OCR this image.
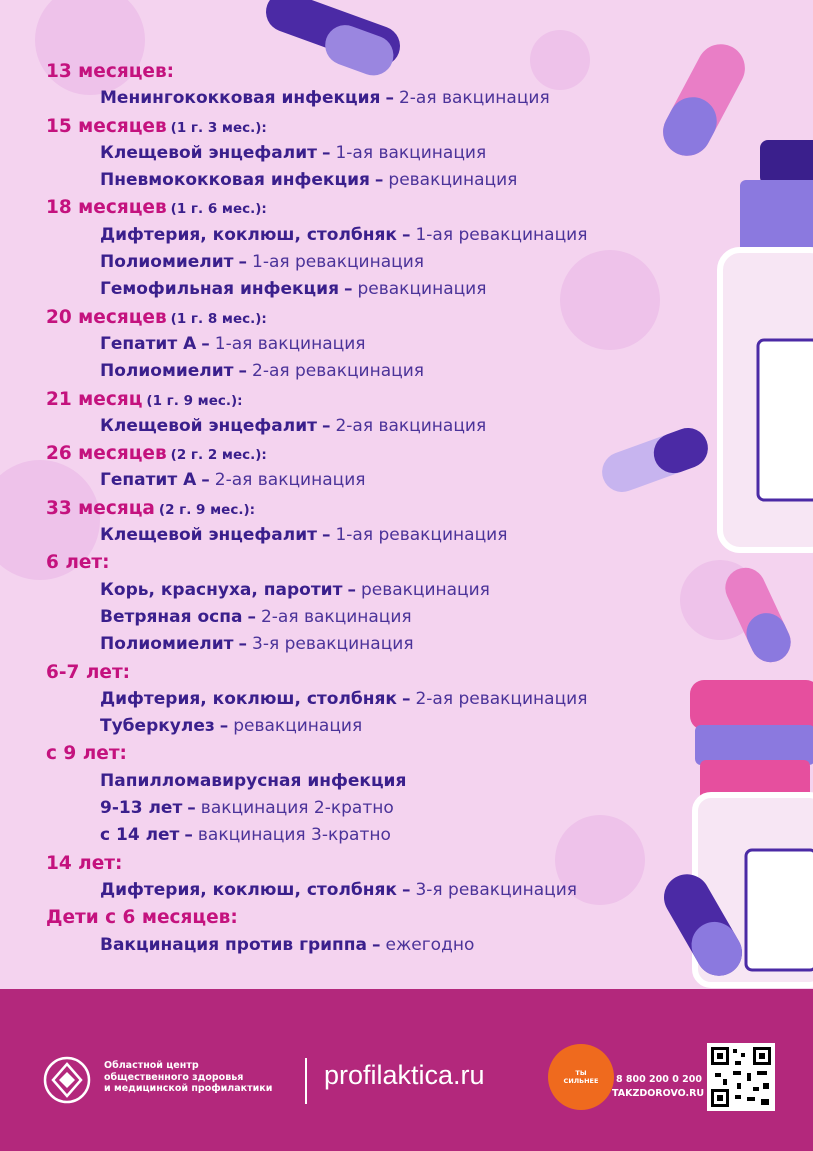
13 месяцев:
Менингококковая инфекция – 2-ая вакцинация
15 месяцев (1 г. 3 мес.):
Клещевой энцефалит – 1-ая вакцинация
Пневмококковая инфекция – ревакцинация
18 месяцев (1 г. 6 мес.):
Дифтерия, коклюш, столбняк – 1-ая ревакцинация
Полиомиелит – 1-ая ревакцинация
Гемофильная инфекция – ревакцинация
20 месяцев (1 г. 8 мес.):
Гепатит А – 1-ая вакцинация
Полиомиелит – 2-ая ревакцинация
21 месяц (1 г. 9 мес.):
Клещевой энцефалит – 2-ая вакцинация
26 месяцев (2 г. 2 мес.):
Гепатит А – 2-ая вакцинация
33 месяца (2 г. 9 мес.):
Клещевой энцефалит – 1-ая ревакцинация
6 лет:
Корь, краснуха, паротит – ревакцинация
Ветряная оспа – 2-ая вакцинация
Полиомиелит – 3-я ревакцинация
6-7 лет:
Дифтерия, коклюш, столбняк – 2-ая ревакцинация
Туберкулез – ревакцинация
с 9 лет:
Папилломавирусная инфекция
9-13 лет – вакцинация 2-кратно
с 14 лет – вакцинация 3-кратно
14 лет:
Дифтерия, коклюш, столбняк – 3-я ревакцинация
Дети с 6 месяцев:
Вакцинация против гриппа – ежегодно
Областной центр
общественного здоровья
и медицинской профилактики	profilaktica.ru	ТЫ
СИЛЬНЕЕ	8 800 200 0 200
TAKZDOROVO.RU
